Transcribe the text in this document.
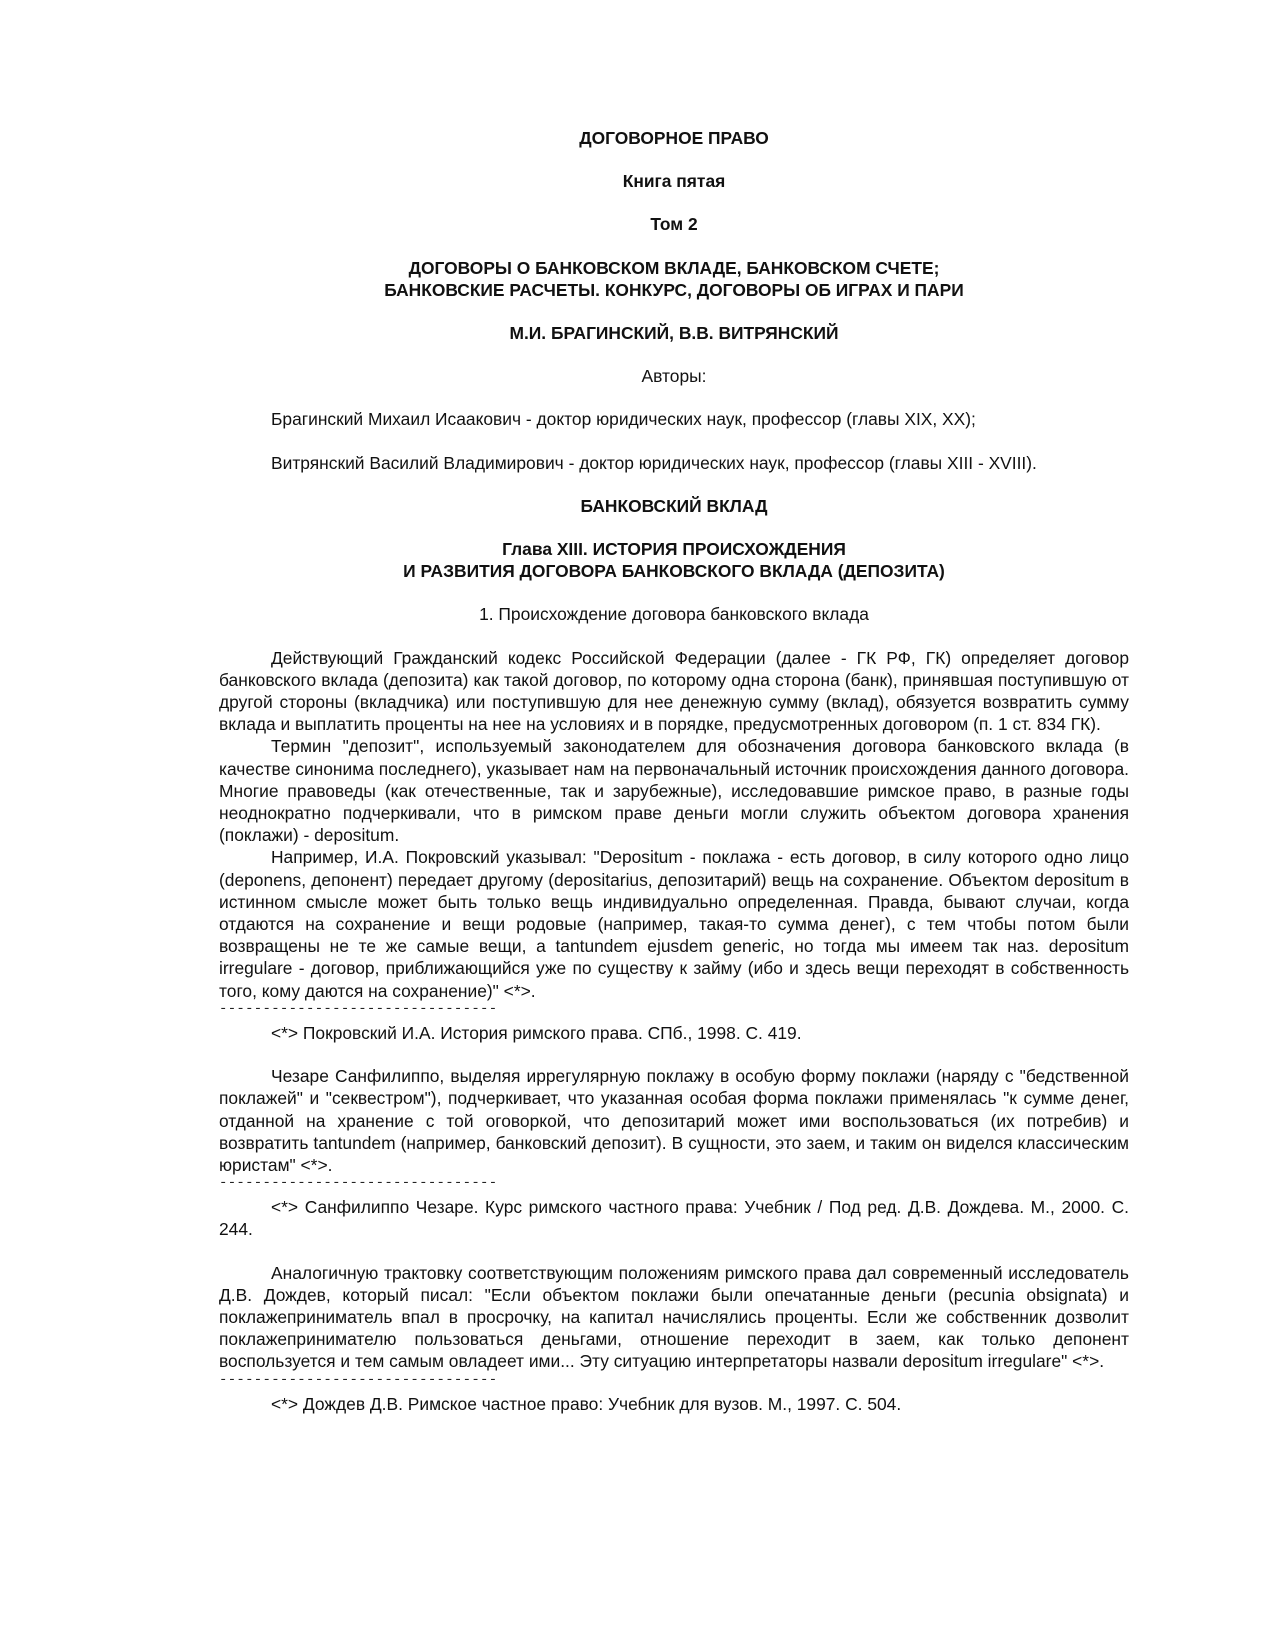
ДОГОВОРНОЕ ПРАВО

Книга пятая

Том 2

ДОГОВОРЫ О БАНКОВСКОМ ВКЛАДЕ, БАНКОВСКОМ СЧЕТЕ;

БАНКОВСКИЕ РАСЧЕТЫ. КОНКУРС, ДОГОВОРЫ ОБ ИГРАХ И ПАРИ

М.И. БРАГИНСКИЙ, В.В. ВИТРЯНСКИЙ

Авторы:

Брагинский Михаил Исаакович - доктор юридических наук, профессор (главы XIX, XX);

Витрянский Василий Владимирович - доктор юридических наук, профессор (главы XIII - XVIII).

БАНКОВСКИЙ ВКЛАД

Глава XIII. ИСТОРИЯ ПРОИСХОЖДЕНИЯ

И РАЗВИТИЯ ДОГОВОРА БАНКОВСКОГО ВКЛАДА (ДЕПОЗИТА)

1. Происхождение договора банковского вклада

Действующий Гражданский кодекс Российской Федерации (далее - ГК РФ, ГК) определяет договор банковского вклада (депозита) как такой договор, по которому одна сторона (банк), принявшая поступившую от другой стороны (вкладчика) или поступившую для нее денежную сумму (вклад), обязуется возвратить сумму вклада и выплатить проценты на нее на условиях и в порядке, предусмотренных договором (п. 1 ст. 834 ГК).

Термин "депозит", используемый законодателем для обозначения договора банковского вклада (в качестве синонима последнего), указывает нам на первоначальный источник происхождения данного договора. Многие правоведы (как отечественные, так и зарубежные), исследовавшие римское право, в разные годы неоднократно подчеркивали, что в римском праве деньги могли служить объектом договора хранения (поклажи) - depositum.

Например, И.А. Покровский указывал: "Depositum - поклажа - есть договор, в силу которого одно лицо (deponens, депонент) передает другому (depositarius, депозитарий) вещь на сохранение. Объектом depositum в истинном смысле может быть только вещь индивидуально определенная. Правда, бывают случаи, когда отдаются на сохранение и вещи родовые (например, такая-то сумма денег), с тем чтобы потом были возвращены не те же самые вещи, а tantundem ejusdem generic, но тогда мы имеем так наз. depositum irregulare - договор, приближающийся уже по существу к займу (ибо и здесь вещи переходят в собственность того, кому даются на сохранение)" <*>.

--------------------------------

<*> Покровский И.А. История римского права. СПб., 1998. С. 419.

Чезаре Санфилиппо, выделяя иррегулярную поклажу в особую форму поклажи (наряду с "бедственной поклажей" и "секвестром"), подчеркивает, что указанная особая форма поклажи применялась "к сумме денег, отданной на хранение с той оговоркой, что депозитарий может ими воспользоваться (их потребив) и возвратить tantundem (например, банковский депозит). В сущности, это заем, и таким он виделся классическим юристам" <*>.

--------------------------------

<*> Санфилиппо Чезаре. Курс римского частного права: Учебник / Под ред. Д.В. Дождева. М., 2000. С. 244.

Аналогичную трактовку соответствующим положениям римского права дал современный исследователь Д.В. Дождев, который писал: "Если объектом поклажи были опечатанные деньги (pecunia obsignata) и поклажеприниматель впал в просрочку, на капитал начислялись проценты. Если же собственник дозволит поклажепринимателю пользоваться деньгами, отношение переходит в заем, как только депонент воспользуется и тем самым овладеет ими... Эту ситуацию интерпретаторы назвали depositum irregulare" <*>.

--------------------------------

<*> Дождев Д.В. Римское частное право: Учебник для вузов. М., 1997. С. 504.
